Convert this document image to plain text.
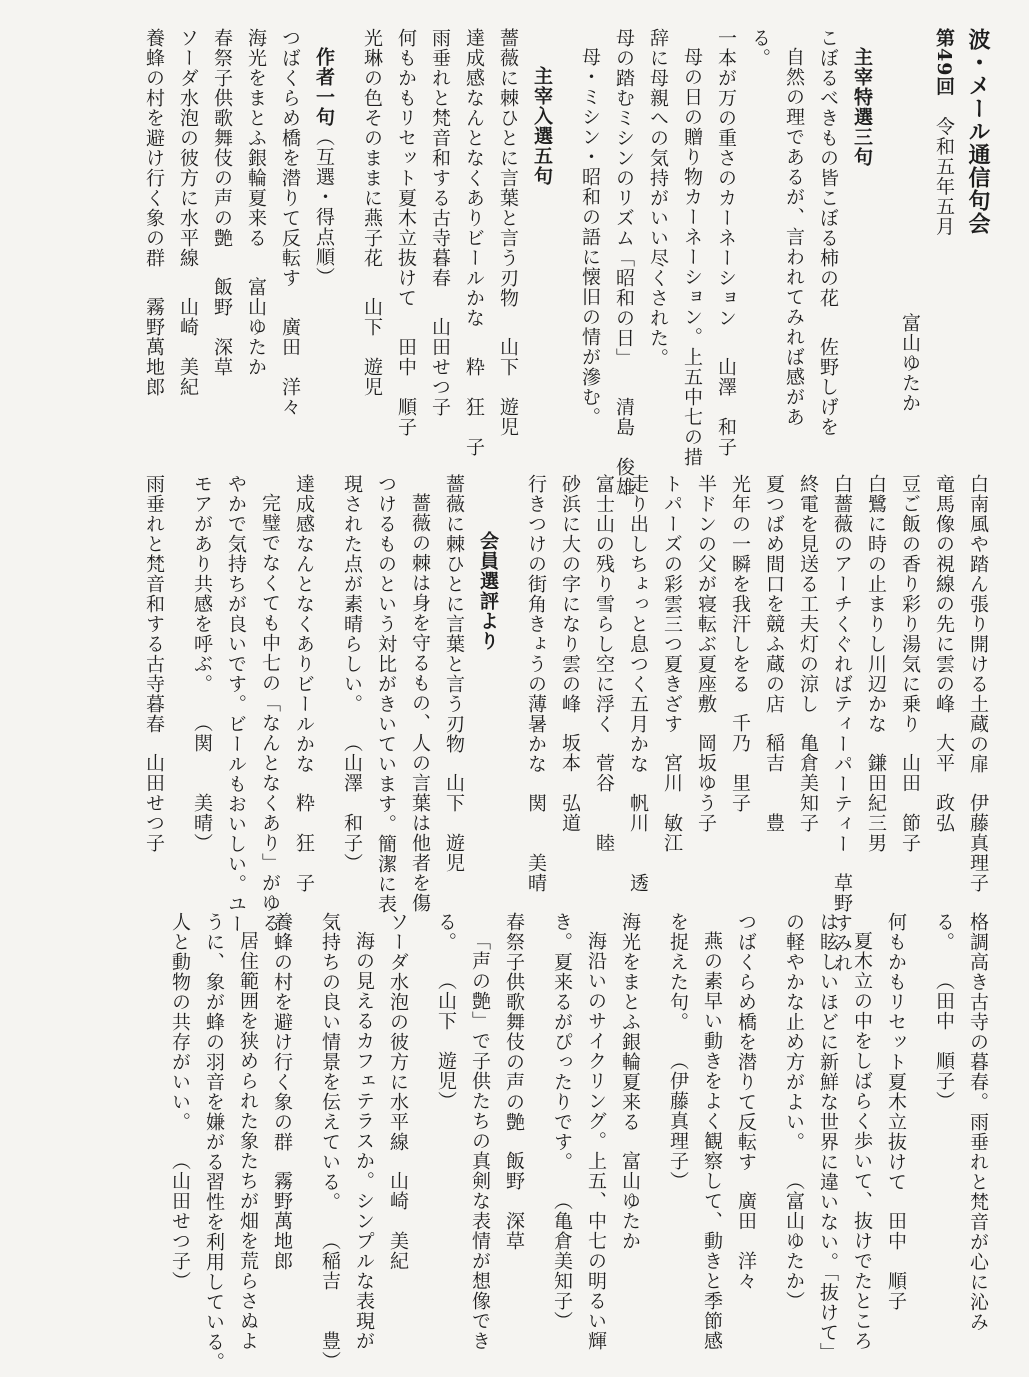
波・メール通信句会
第49回　令和五年五月
富山ゆたか
主宰特選三句
こぼるべきもの皆こぼる柿の花佐野しげを
自然の理であるが、言われてみれば感があ
る。
一本が万の重さのカーネーション山澤　和子
母の日の贈り物カーネーション。上五中七の措
辞に母親への気持がいい尽くされた。
母の踏むミシンのリズム「昭和の日」清島　俊雄
母・ミシン・昭和の語に懐旧の情が滲む。
主宰入選五句
薔薇に棘ひとに言葉と言う刃物山下　遊児
達成感なんとなくありビールかな粋　狂　子
雨垂れと梵音和する古寺暮春山田せつ子
何もかもリセット夏木立抜けて田中　順子
光琳の色そのままに燕子花山下　遊児
作者一句（互選・得点順）
つばくらめ橋を潜りて反転す廣田　洋々
海光をまとふ銀輪夏来る富山ゆたか
春祭子供歌舞伎の声の艶飯野　深草
ソーダ水泡の彼方に水平線山崎　美紀
養蜂の村を避け行く象の群霧野萬地郎
白南風や踏ん張り開ける土蔵の扉伊藤真理子
竜馬像の視線の先に雲の峰大平　政弘
豆ご飯の香り彩り湯気に乗り山田　節子
白鷺に時の止まりし川辺かな鎌田紀三男
白薔薇のアーチくぐればティーパーティー草野すみれ
終電を見送る工夫灯の涼し亀倉美知子
夏つばめ間口を競ふ蔵の店稲吉　　豊
光年の一瞬を我汗しをる千乃　里子
半ドンの父が寝転ぶ夏座敷岡坂ゆう子
トパーズの彩雲三つ夏きざす宮川　敏江
走り出しちょっと息つく五月かな帆川　　透
富士山の残り雪らし空に浮く菅谷　　睦
砂浜に大の字になり雲の峰坂本　弘道
行きつけの街角きょうの薄暑かな関　　美晴
会員選評より
薔薇に棘ひとに言葉と言う刃物山下　遊児
薔薇の棘は身を守るもの、人の言葉は他者を傷
つけるものという対比がきいています。簡潔に表
現された点が素晴らしい。（山澤　和子）
達成感なんとなくありビールかな粋　狂　子
完璧でなくても中七の「なんとなくあり」がゆる
やかで気持ちが良いです。ビールもおいしい。ユー
モアがあり共感を呼ぶ。（関　　美晴）
雨垂れと梵音和する古寺暮春山田せつ子
格調高き古寺の暮春。雨垂れと梵音が心に沁み
る。（田中　順子）
何もかもリセット夏木立抜けて田中　順子
夏木立の中をしばらく歩いて、抜けでたところ
は眩しいほどに新鮮な世界に違いない。「抜けて」
の軽やかな止め方がよい。（富山ゆたか）
つばくらめ橋を潜りて反転す廣田　洋々
燕の素早い動きをよく観察して、動きと季節感
を捉えた句。（伊藤真理子）
海光をまとふ銀輪夏来る富山ゆたか
海沿いのサイクリング。上五、中七の明るい輝
き。夏来るがぴったりです。（亀倉美知子）
春祭子供歌舞伎の声の艶飯野　深草
「声の艶」で子供たちの真剣な表情が想像でき
る。（山下　遊児）
ソーダ水泡の彼方に水平線山崎　美紀
海の見えるカフェテラスか。シンプルな表現が
気持ちの良い情景を伝えている。（稲吉　　豊）
養蜂の村を避け行く象の群霧野萬地郎
居住範囲を狭められた象たちが畑を荒らさぬよ
うに、象が蜂の羽音を嫌がる習性を利用している。
人と動物の共存がいい。（山田せつ子）
